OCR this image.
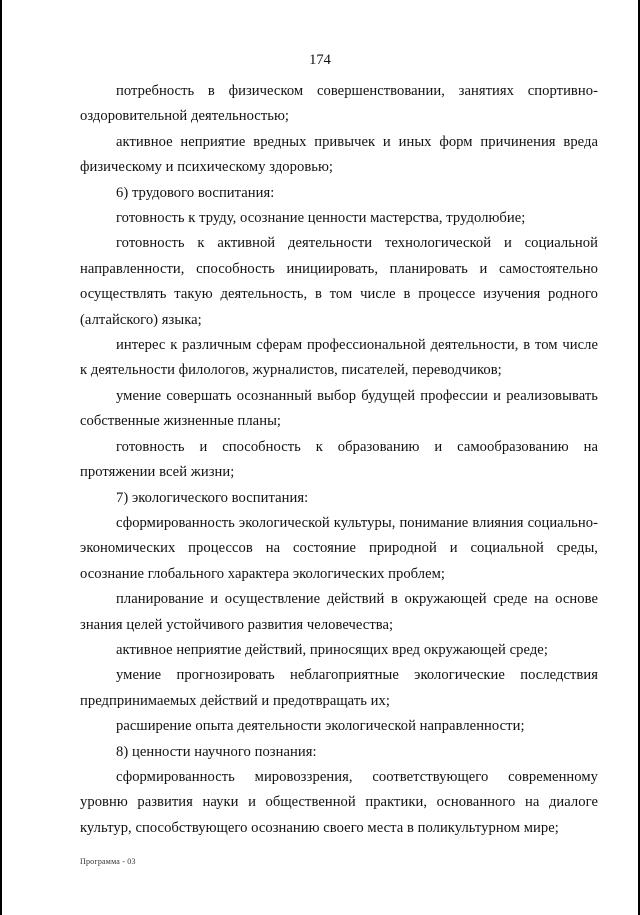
174

потребность в физическом совершенствовании, занятиях спортивно-оздоровительной деятельностью;

активное неприятие вредных привычек и иных форм причинения вреда физическому и психическому здоровью;

6) трудового воспитания:

готовность к труду, осознание ценности мастерства, трудолюбие;

готовность к активной деятельности технологической и социальной направленности, способность инициировать, планировать и самостоятельно осуществлять такую деятельность, в том числе в процессе изучения родного (алтайского) языка;

интерес к различным сферам профессиональной деятельности, в том числе к деятельности филологов, журналистов, писателей, переводчиков;

умение совершать осознанный выбор будущей профессии и реализовывать собственные жизненные планы;

готовность и способность к образованию и самообразованию на протяжении всей жизни;

7) экологического воспитания:

сформированность экологической культуры, понимание влияния социально-экономических процессов на состояние природной и социальной среды, осознание глобального характера экологических проблем;

планирование и осуществление действий в окружающей среде на основе знания целей устойчивого развития человечества;

активное неприятие действий, приносящих вред окружающей среде;

умение прогнозировать неблагоприятные экологические последствия предпринимаемых действий и предотвращать их;

расширение опыта деятельности экологической направленности;

8) ценности научного познания:

сформированность мировоззрения, соответствующего современному уровню развития науки и общественной практики, основанного на диалоге культур, способствующего осознанию своего места в поликультурном мире;

Программа - 03
